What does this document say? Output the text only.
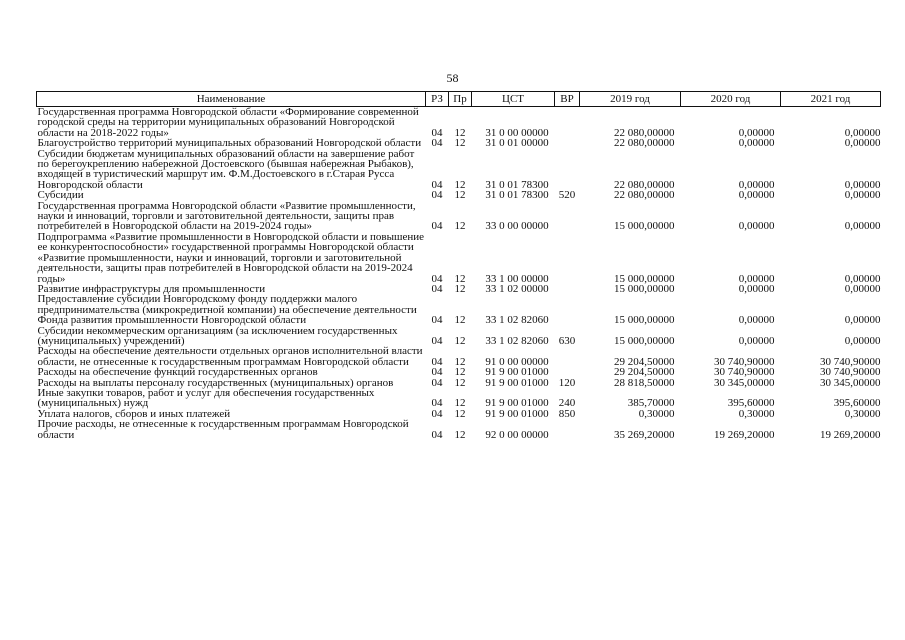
58
Наименование	РЗ	Пр	ЦСТ	ВР	2019 год	2020 год	2021 год
Государственная программа Новгородской области «Формирование современной городской среды на территории муниципальных образований Новгородской области на 2018-2022 годы»	04	12	31 0 00 00000		22 080,00000	0,00000	0,00000
Благоустройство территорий муниципальных образований Новгородской области	04	12	31 0 01 00000		22 080,00000	0,00000	0,00000
Субсидии бюджетам муниципальных образований области на завершение работ по берегоукреплению набережной Достоевского (бывшая набережная Рыбаков), входящей в туристический маршрут им. Ф.М.Достоевского в г.Старая Русса Новгородской области	04	12	31 0 01 78300		22 080,00000	0,00000	0,00000
Субсидии	04	12	31 0 01 78300	520	22 080,00000	0,00000	0,00000
Государственная программа Новгородской области «Развитие промышленности, науки и инноваций, торговли и заготовительной деятельности, защиты прав потребителей в Новгородской области на 2019-2024 годы»	04	12	33 0 00 00000		15 000,00000	0,00000	0,00000
Подпрограмма «Развитие промышленности в Новгородской области и повышение ее конкурентоспособности» государственной программы Новгородской области «Развитие промышленности, науки и инноваций, торговли и заготовительной деятельности, защиты прав потребителей в Новгородской области на 2019-2024 годы»	04	12	33 1 00 00000		15 000,00000	0,00000	0,00000
Развитие инфраструктуры для промышленности	04	12	33 1 02 00000		15 000,00000	0,00000	0,00000
Предоставление субсидии Новгородскому фонду поддержки малого предпринимательства (микрокредитной компании) на обеспечение деятельности Фонда развития промышленности Новгородской области	04	12	33 1 02 82060		15 000,00000	0,00000	0,00000
Субсидии некоммерческим организациям (за исключением государственных (муниципальных) учреждений)	04	12	33 1 02 82060	630	15 000,00000	0,00000	0,00000
Расходы на обеспечение деятельности отдельных органов исполнительной власти области, не отнесенные к государственным программам Новгородской области	04	12	91 0 00 00000		29 204,50000	30 740,90000	30 740,90000
Расходы на обеспечение функций государственных органов	04	12	91 9 00 01000		29 204,50000	30 740,90000	30 740,90000
Расходы на выплаты персоналу государственных (муниципальных) органов	04	12	91 9 00 01000	120	28 818,50000	30 345,00000	30 345,00000
Иные закупки товаров, работ и услуг для обеспечения государственных (муниципальных) нужд	04	12	91 9 00 01000	240	385,70000	395,60000	395,60000
Уплата налогов, сборов и иных платежей	04	12	91 9 00 01000	850	0,30000	0,30000	0,30000
Прочие расходы, не отнесенные к государственным программам Новгородской области	04	12	92 0 00 00000		35 269,20000	19 269,20000	19 269,20000
